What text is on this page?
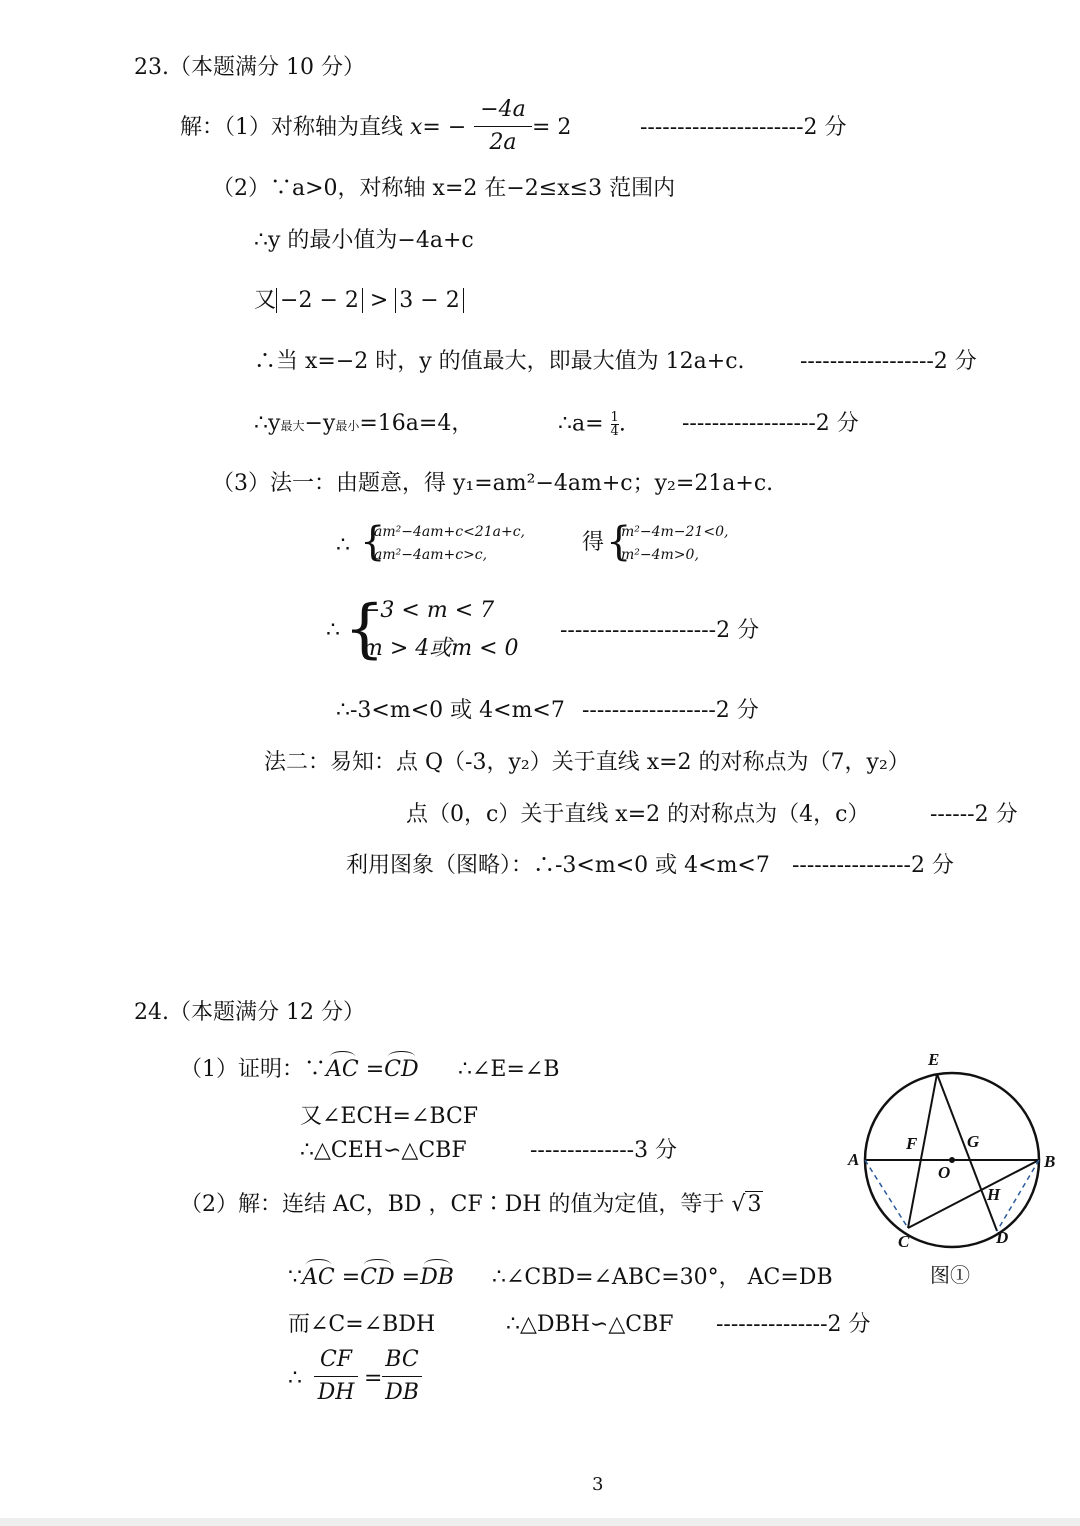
23.（本题满分 10 分）
解：（1）对称轴为直线 x= −
−4a
2a
= 2	----------------------2 分
（2）∵a>0，对称轴 x=2 在−2≤x≤3 范围内
∴y 的最小值为−4a+c
又 −2 − 2 > 3 − 2
∴当 x=−2 时，y 的值最大，即最大值为 12a+c.	------------------2 分
∴y最大−y最小=16a=4，	∴a= $\frac{1}{4}$ .	------------------2 分
（3）法一：由题意，得 y₁=am²−4am+c；y₂=21a+c.
∴ {
am²−4am+c<21a+c,
am²−4am+c>c,	得 {
m²−4m−21<0,
m²−4m>0,
∴ {
−3 < m < 7
m > 4或m < 0
---------------------2 分
∴-3<m<0 或 4<m<7 ------------------2 分
法二：易知：点 Q（-3，y₂）关于直线 x=2 的对称点为（7，y₂）
点（0，c）关于直线 x=2 的对称点为（4，c）	------2 分
利用图象（图略）：∴-3<m<0 或 4<m<7 ----------------2 分
24.（本题满分 12 分）
（1）证明：∵AC =CD ∴∠E=∠B
又∠ECH=∠BCF
∴△CEH∽△CBF	--------------3 分
（2）解：连结 AC，BD ，CF∶DH 的值为定值，等于 √3
∵AC =CD =DB ∴∠CBD=∠ABC=30°， AC=DB
而∠C=∠BDH	∴△DBH∽△CBF ---------------2 分
∴
CF
DH
=
BC
DB
E
A	B
C	D
F	G
O
H
图①
3
